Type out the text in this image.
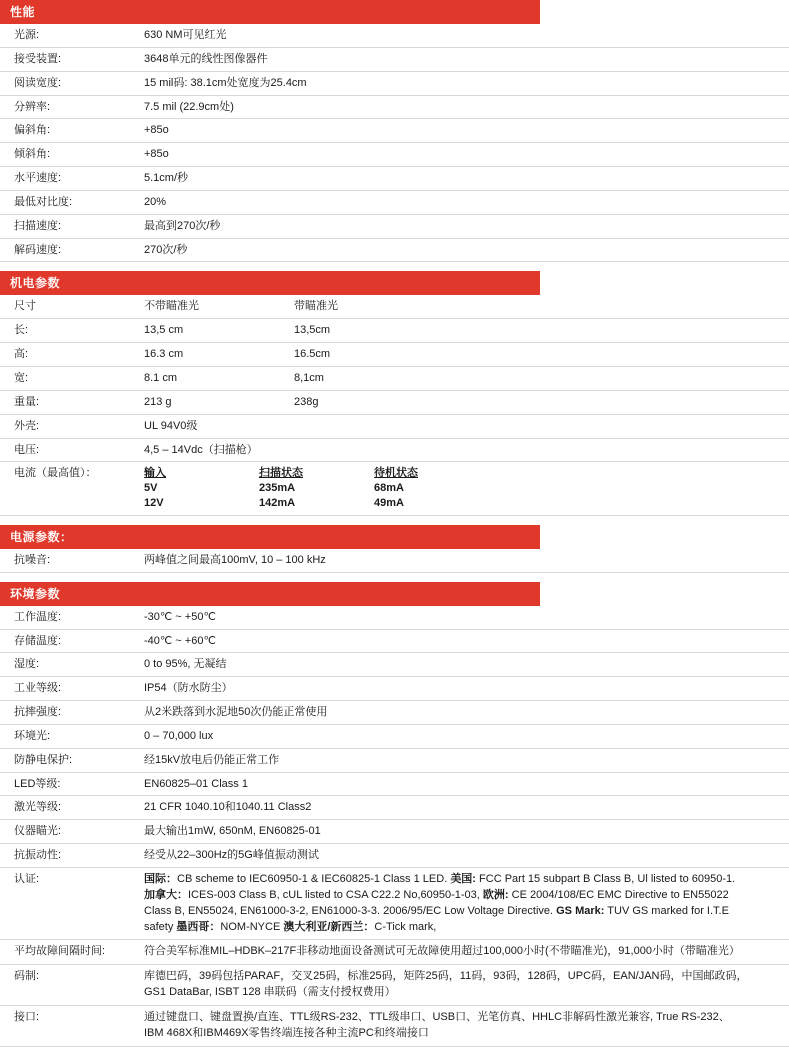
性能
光源:	630 NM可见红光
接受装置:	3648单元的线性图像器件
阅读宽度:	15 mil码: 38.1cm处宽度为25.4cm
分辨率:	7.5 mil (22.9cm处)
偏斜角:	+85o
倾斜角:	+85o
水平速度:	5.1cm/秒
最低对比度:	20%
扫描速度:	最高到270次/秒
解码速度:	270次/秒
机电参数
尺寸	不带瞄准光 带瞄准光
长:	13,5 cm 13,5cm
高:	16.3 cm 16.5cm
宽:	8.1 cm 8,1cm
重量:	213 g 238g
外壳:	UL 94V0级
电压:	4,5 – 14Vdc（扫描枪）
电流（最高值）：	输入 扫描状态 待机状态
5V 235mA 68mA
12V 142mA 49mA
电源参数：
抗噪音:	两峰值之间最高100mV, 10 – 100 kHz
环境参数
工作温度:	-30℃ ~ +50℃
存储温度:	-40℃ ~ +60℃
湿度:	0 to 95%, 无凝结
工业等级:	IP54（防水防尘）
抗摔强度:	从2米跌落到水泥地50次仍能正常使用
环境光:	0 – 70,000 lux
防静电保护:	经15kV放电后仍能正常工作
LED等级:	EN60825–01 Class 1
激光等级:	21 CFR 1040.10和1040.11 Class2
仪器瞄光:	最大输出1mW, 650nM, EN60825-01
抗振动性:	经受从22–300Hz的5G峰值振动测试
认证:	国际：CB scheme to IEC60950-1 & IEC60825-1 Class 1 LED. 美国: FCC Part 15 subpart B Class B, Ul listed to 60950-1.
加拿大：ICES-003 Class B, cUL listed to CSA C22.2 No,60950-1-03, 欧洲: CE 2004/108/EC EMC Directive to EN55022
Class B, EN55024, EN61000-3-2, EN61000-3-3. 2006/95/EC Low Voltage Directive. GS Mark: TUV GS marked for I.T.E
safety 墨西哥：NOM-NYCE 澳大利亚/新西兰：C-Tick mark,

平均故障间隔时间:	符合美军标准MIL–HDBK–217F非移动地面设备测试可无故障使用超过100,000小时(不带瞄准光)，91,000小时（带瞄准光）

码制:	库德巴码，39码包括PARAF，交叉25码，标准25码，矩阵25码，11码，93码，128码，UPC码，EAN/JAN码，中国邮政码，
GS1 DataBar, ISBT 128 串联码（需支付授权费用）

接口:	通过键盘口、键盘置换/直连、TTL级RS-232、TTL级串口、USB口、光笔仿真、HHLC非解码性激光兼容, True RS-232、
IBM 468X和IBM469X零售终端连接各种主流PC和终端接口
